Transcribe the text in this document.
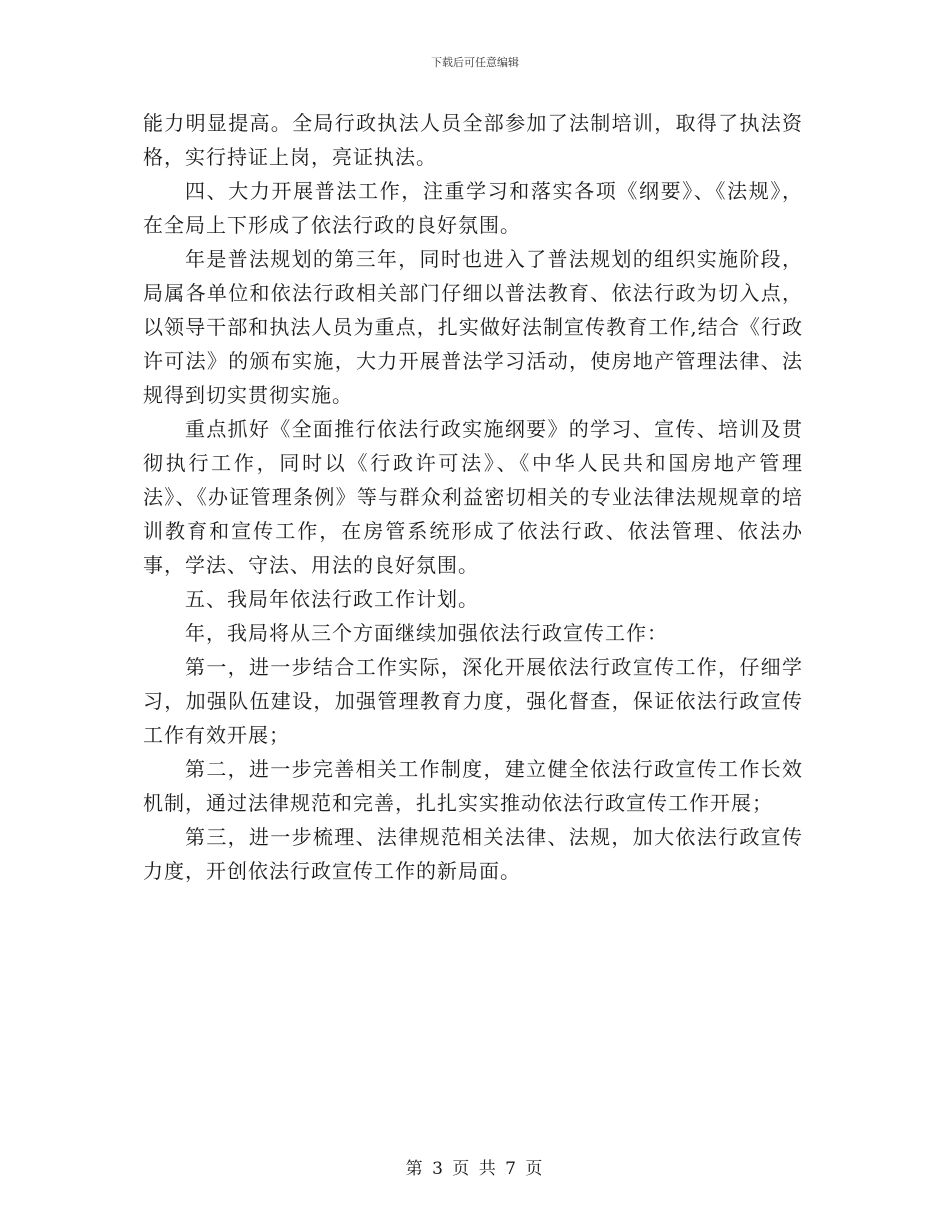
下载后可任意编辑

能力明显提高。全局行政执法人员全部参加了法制培训，取得了执法资格，实行持证上岗，亮证执法。

四、大力开展普法工作，注重学习和落实各项《纲要》、《法规》，在全局上下形成了依法行政的良好氛围。

年是普法规划的第三年，同时也进入了普法规划的组织实施阶段，局属各单位和依法行政相关部门仔细以普法教育、依法行政为切入点，以领导干部和执法人员为重点，扎实做好法制宣传教育工作,结合《行政许可法》的颁布实施，大力开展普法学习活动，使房地产管理法律、法规得到切实贯彻实施。

重点抓好《全面推行依法行政实施纲要》的学习、宣传、培训及贯彻执行工作，同时以《行政许可法》、《中华人民共和国房地产管理法》、《办证管理条例》等与群众利益密切相关的专业法律法规规章的培训教育和宣传工作，在房管系统形成了依法行政、依法管理、依法办事，学法、守法、用法的良好氛围。

五、我局年依法行政工作计划。

年，我局将从三个方面继续加强依法行政宣传工作：

第一，进一步结合工作实际，深化开展依法行政宣传工作，仔细学习，加强队伍建设，加强管理教育力度，强化督查，保证依法行政宣传工作有效开展；

第二，进一步完善相关工作制度，建立健全依法行政宣传工作长效机制，通过法律规范和完善，扎扎实实推动依法行政宣传工作开展；

第三，进一步梳理、法律规范相关法律、法规，加大依法行政宣传力度，开创依法行政宣传工作的新局面。

第 3 页 共 7 页
